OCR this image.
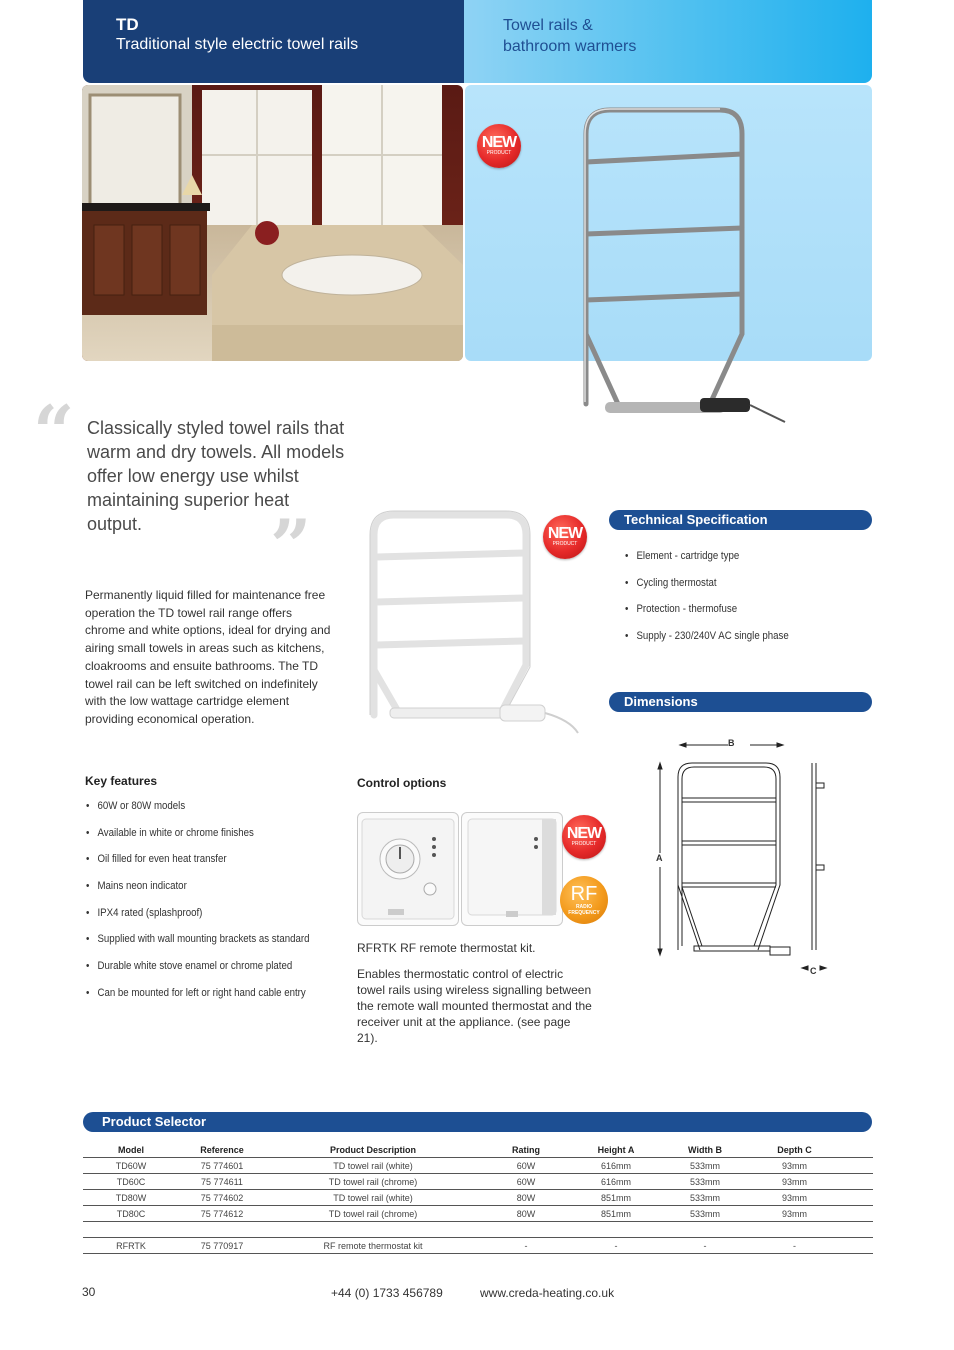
TD
Traditional style electric towel rails
Towel rails &
bathroom warmers
NEW
PRODUCT
“ Classically styled towel rails that warm and dry towels. All models offer low energy use whilst maintaining superior heat output.	”
Permanently liquid filled for maintenance free operation the TD towel rail range offers chrome and white options, ideal for drying and airing small towels in areas such as kitchens, cloakrooms and ensuite bathrooms. The TD towel rail can be left switched on indefinitely with the low wattage cartridge element providing economical operation.
NEW
PRODUCT
Technical Specification
•   Element - cartridge type
•   Cycling thermostat
•   Protection - thermofuse
•   Supply - 230/240V AC single phase
Dimensions
B
A
C
Key features
•   60W or 80W models
•   Available in white or chrome finishes
•   Oil filled for even heat transfer
•   Mains neon indicator
•   IPX4 rated (splashproof)
•   Supplied with wall mounting brackets as standard
•   Durable white stove enamel or chrome plated
•   Can be mounted for left or right hand cable entry
Control options
NEW
PRODUCT
RF
RADIO
FREQUENCY
RFRTK RF remote thermostat kit.
Enables thermostatic control of electric towel rails using wireless signalling between the remote wall mounted thermostat and the receiver unit at the appliance. (see page 21).
Product Selector
Model	Reference	Product Description	Rating	Height A	Width B	Depth C	
TD60W	75 774601	TD towel rail (white)	60W	616mm	533mm	93mm	
TD60C	75 774611	TD towel rail (chrome)	60W	616mm	533mm	93mm	
TD80W	75 774602	TD towel rail (white)	80W	851mm	533mm	93mm	
TD80C	75 774612	TD towel rail (chrome)	80W	851mm	533mm	93mm	

RFRTK	75 770917	RF remote thermostat kit	-	-	-	-	
30	+44 (0) 1733 456789	www.creda-heating.co.uk
